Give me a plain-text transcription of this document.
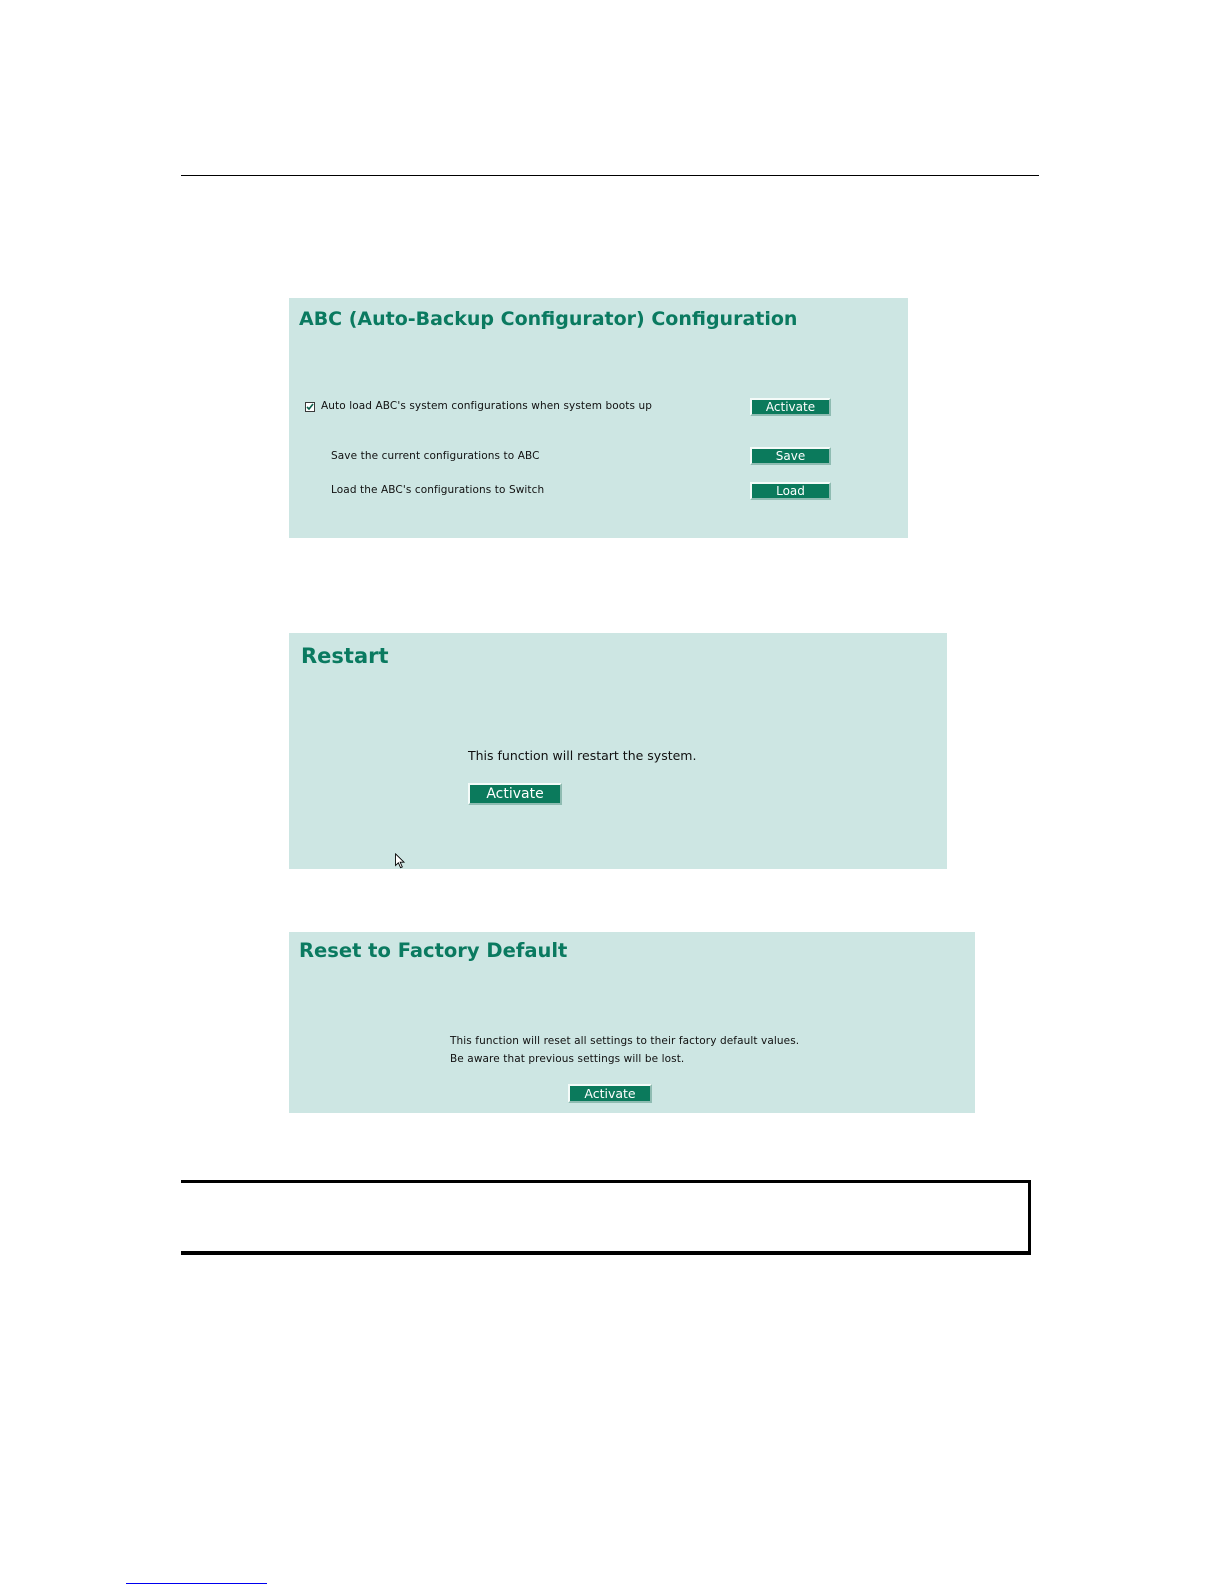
ABC (Auto-Backup Configurator) Configuration
Auto load ABC's system configurations when system boots up	Activate
Save the current configurations to ABC	Save
Load the ABC's configurations to Switch	Load
Restart
This function will restart the system.
Activate
Reset to Factory Default
This function will reset all settings to their factory default values.
Be aware that previous settings will be lost.
Activate
